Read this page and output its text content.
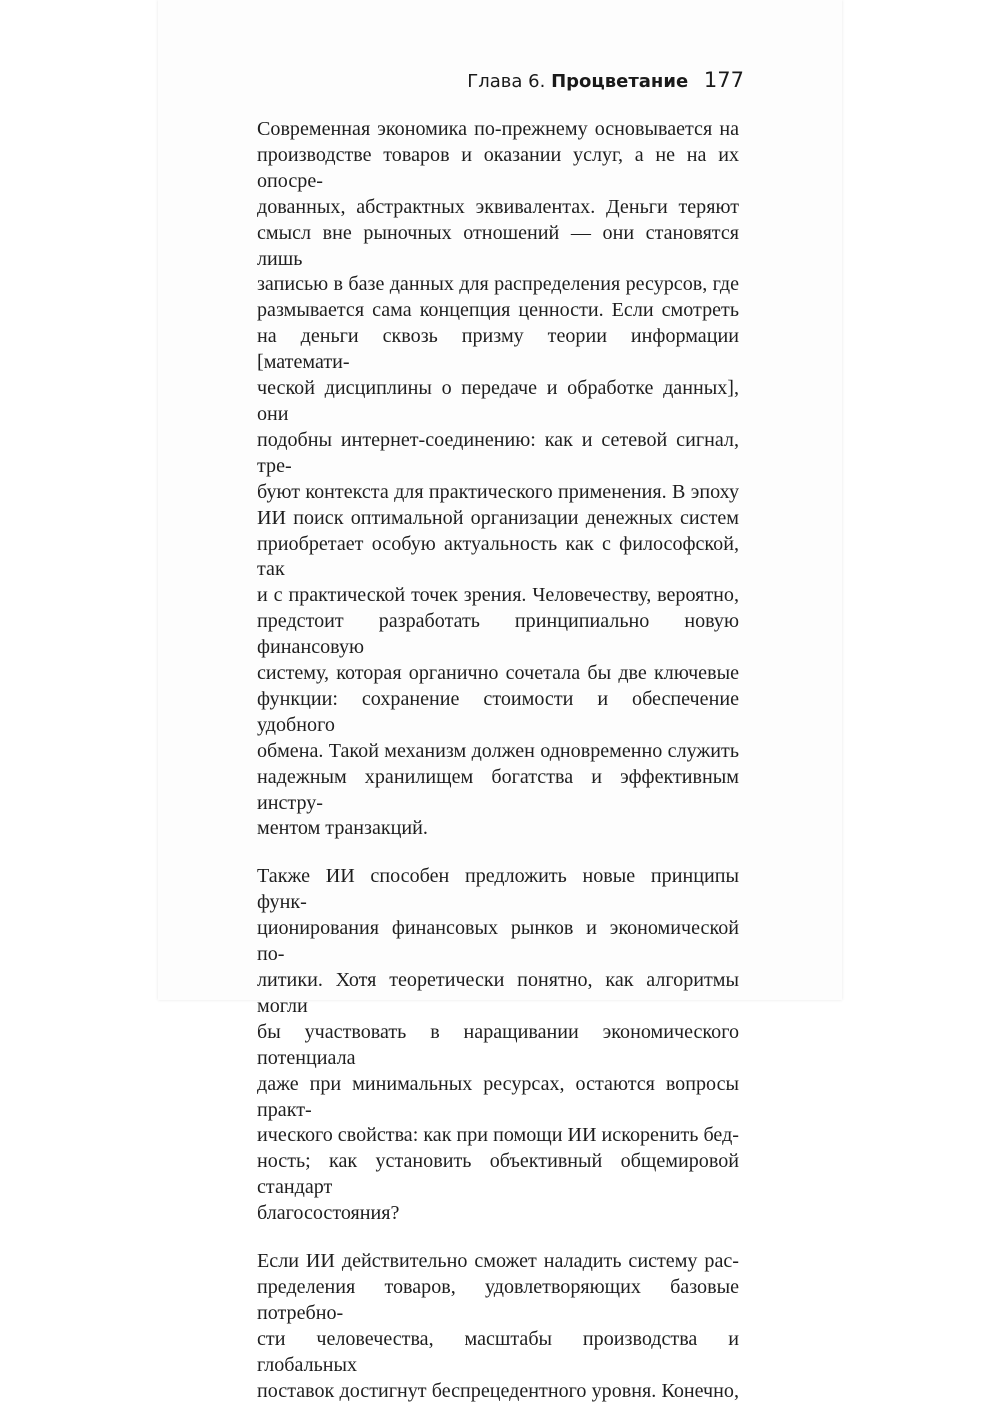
Глава 6. Процветание 177

Современная экономика по-прежнему основывается на
производстве товаров и оказании услуг, а не на их опосре-
дованных, абстрактных эквивалентах. Деньги теряют
смысл вне рыночных отношений — они становятся лишь
записью в базе данных для распределения ресурсов, где
размывается сама концепция ценности. Если смотреть
на деньги сквозь призму теории информации [математи-
ческой дисциплины о передаче и обработке данных], они
подобны интернет-соединению: как и сетевой сигнал, тре-
буют контекста для практического применения. В эпоху
ИИ поиск оптимальной организации денежных систем
приобретает особую актуальность как с философской, так
и с практической точек зрения. Человечеству, вероятно,
предстоит разработать принципиально новую финансовую
систему, которая органично сочетала бы две ключевые
функции: сохранение стоимости и обеспечение удобного
обмена. Такой механизм должен одновременно служить
надежным хранилищем богатства и эффективным инстру-
ментом транзакций.

Также ИИ способен предложить новые принципы функ-
ционирования финансовых рынков и экономической по-
литики. Хотя теоретически понятно, как алгоритмы могли
бы участвовать в наращивании экономического потенциала
даже при минимальных ресурсах, остаются вопросы практ-
ического свойства: как при помощи ИИ искоренить бед-
ность; как установить объективный общемировой стандарт
благосостояния?

Если ИИ действительно сможет наладить систему рас-
пределения товаров, удовлетворяющих базовые потребно-
сти человечества, масштабы производства и глобальных
поставок достигнут беспрецедентного уровня. Конечно,
